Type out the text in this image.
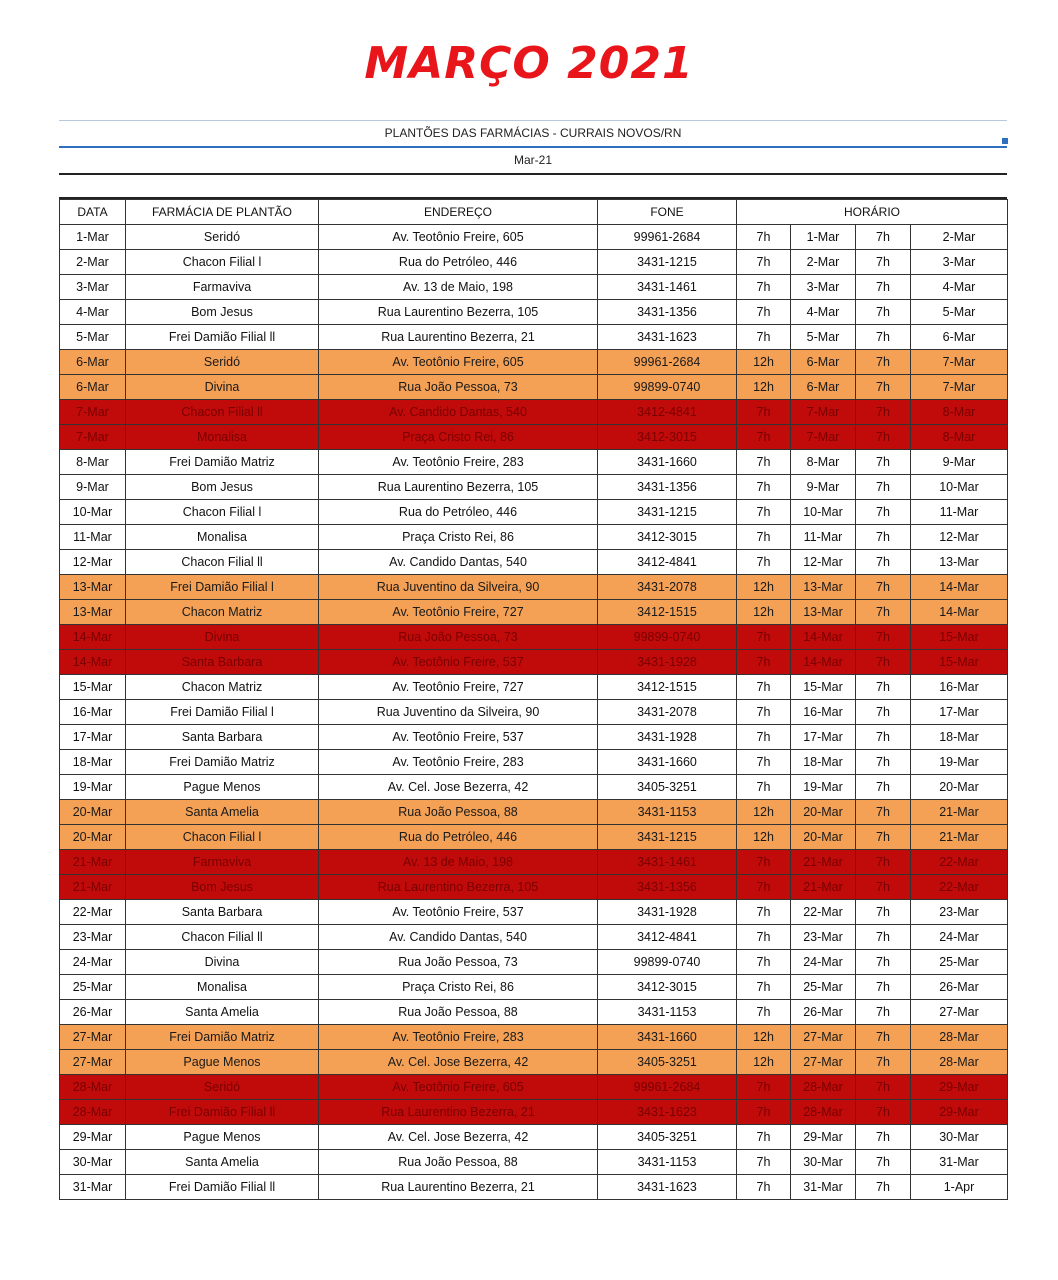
MARÇO 2021
PLANTÕES DAS FARMÁCIAS - CURRAIS NOVOS/RN
Mar-21
DATA	FARMÁCIA DE PLANTÃO	ENDEREÇO	FONE	HORÁRIO			
1-Mar	Seridó	Av. Teotônio Freire, 605	99961-2684	7h	1-Mar	7h	2-Mar
2-Mar	Chacon Filial l	Rua do Petróleo, 446	3431-1215	7h	2-Mar	7h	3-Mar
3-Mar	Farmaviva	Av. 13 de Maio, 198	3431-1461	7h	3-Mar	7h	4-Mar
4-Mar	Bom Jesus	Rua Laurentino Bezerra, 105	3431-1356	7h	4-Mar	7h	5-Mar
5-Mar	Frei Damião Filial ll	Rua Laurentino Bezerra, 21	3431-1623	7h	5-Mar	7h	6-Mar
6-Mar	Seridó	Av. Teotônio Freire, 605	99961-2684	12h	6-Mar	7h	7-Mar
6-Mar	Divina	Rua João Pessoa, 73	99899-0740	12h	6-Mar	7h	7-Mar
7-Mar	Chacon Filial ll	Av. Candido Dantas, 540	3412-4841	7h	7-Mar	7h	8-Mar
7-Mar	Monalisa	Praça Cristo Rei, 86	3412-3015	7h	7-Mar	7h	8-Mar
8-Mar	Frei Damião Matriz	Av. Teotônio Freire, 283	3431-1660	7h	8-Mar	7h	9-Mar
9-Mar	Bom Jesus	Rua Laurentino Bezerra, 105	3431-1356	7h	9-Mar	7h	10-Mar
10-Mar	Chacon Filial l	Rua do Petróleo, 446	3431-1215	7h	10-Mar	7h	11-Mar
11-Mar	Monalisa	Praça Cristo Rei, 86	3412-3015	7h	11-Mar	7h	12-Mar
12-Mar	Chacon Filial ll	Av. Candido Dantas, 540	3412-4841	7h	12-Mar	7h	13-Mar
13-Mar	Frei Damião Filial l	Rua Juventino da Silveira, 90	3431-2078	12h	13-Mar	7h	14-Mar
13-Mar	Chacon Matriz	Av. Teotônio Freire, 727	3412-1515	12h	13-Mar	7h	14-Mar
14-Mar	Divina	Rua João Pessoa, 73	99899-0740	7h	14-Mar	7h	15-Mar
14-Mar	Santa Barbara	Av. Teotônio Freire, 537	3431-1928	7h	14-Mar	7h	15-Mar
15-Mar	Chacon Matriz	Av. Teotônio Freire, 727	3412-1515	7h	15-Mar	7h	16-Mar
16-Mar	Frei Damião Filial l	Rua Juventino da Silveira, 90	3431-2078	7h	16-Mar	7h	17-Mar
17-Mar	Santa Barbara	Av. Teotônio Freire, 537	3431-1928	7h	17-Mar	7h	18-Mar
18-Mar	Frei Damião Matriz	Av. Teotônio Freire, 283	3431-1660	7h	18-Mar	7h	19-Mar
19-Mar	Pague Menos	Av. Cel. Jose Bezerra, 42	3405-3251	7h	19-Mar	7h	20-Mar
20-Mar	Santa Amelia	Rua João Pessoa, 88	3431-1153	12h	20-Mar	7h	21-Mar
20-Mar	Chacon Filial l	Rua do Petróleo, 446	3431-1215	12h	20-Mar	7h	21-Mar
21-Mar	Farmaviva	Av. 13 de Maio, 198	3431-1461	7h	21-Mar	7h	22-Mar
21-Mar	Bom Jesus	Rua Laurentino Bezerra, 105	3431-1356	7h	21-Mar	7h	22-Mar
22-Mar	Santa Barbara	Av. Teotônio Freire, 537	3431-1928	7h	22-Mar	7h	23-Mar
23-Mar	Chacon Filial ll	Av. Candido Dantas, 540	3412-4841	7h	23-Mar	7h	24-Mar
24-Mar	Divina	Rua João Pessoa, 73	99899-0740	7h	24-Mar	7h	25-Mar
25-Mar	Monalisa	Praça Cristo Rei, 86	3412-3015	7h	25-Mar	7h	26-Mar
26-Mar	Santa Amelia	Rua João Pessoa, 88	3431-1153	7h	26-Mar	7h	27-Mar
27-Mar	Frei Damião Matriz	Av. Teotônio Freire, 283	3431-1660	12h	27-Mar	7h	28-Mar
27-Mar	Pague Menos	Av. Cel. Jose Bezerra, 42	3405-3251	12h	27-Mar	7h	28-Mar
28-Mar	Seridó	Av. Teotônio Freire, 605	99961-2684	7h	28-Mar	7h	29-Mar
28-Mar	Frei Damião Filial ll	Rua Laurentino Bezerra, 21	3431-1623	7h	28-Mar	7h	29-Mar
29-Mar	Pague Menos	Av. Cel. Jose Bezerra, 42	3405-3251	7h	29-Mar	7h	30-Mar
30-Mar	Santa Amelia	Rua João Pessoa, 88	3431-1153	7h	30-Mar	7h	31-Mar
31-Mar	Frei Damião Filial ll	Rua Laurentino Bezerra, 21	3431-1623	7h	31-Mar	7h	1-Apr
